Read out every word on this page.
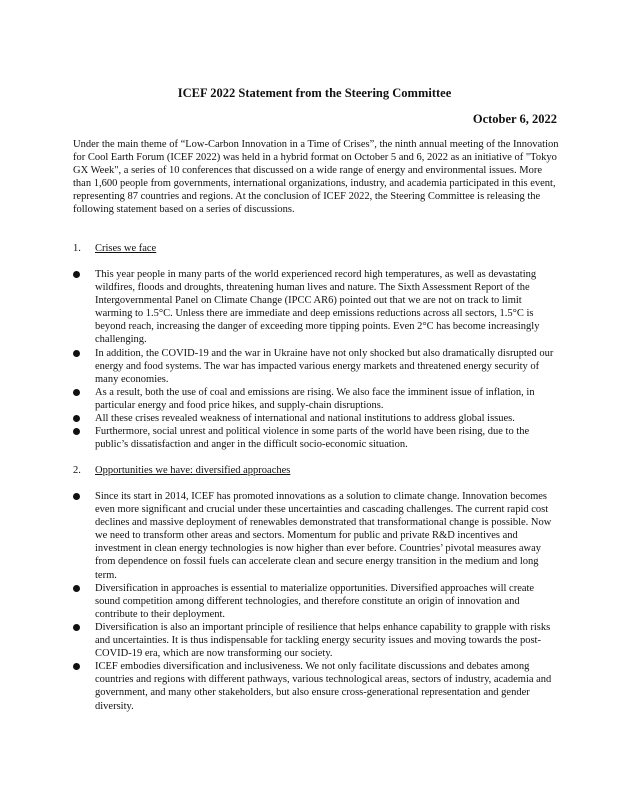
ICEF 2022 Statement from the Steering Committee
October 6, 2022

Under the main theme of “Low-Carbon Innovation in a Time of Crises”, the ninth annual meeting of the Innovation for Cool Earth Forum (ICEF 2022) was held in a hybrid format on October 5 and 6, 2022 as an initiative of "Tokyo GX Week", a series of 10 conferences that discussed on a wide range of energy and environmental issues. More than 1,600 people from governments, international organizations, industry, and academia participated in this event, representing 87 countries and regions. At the conclusion of ICEF 2022, the Steering Committee is releasing the following statement based on a series of discussions.

1. Crises we face
This year people in many parts of the world experienced record high temperatures, as well as devastating wildfires, floods and droughts, threatening human lives and nature. The Sixth Assessment Report of the Intergovernmental Panel on Climate Change (IPCC AR6) pointed out that we are not on track to limit warming to 1.5°C. Unless there are immediate and deep emissions reductions across all sectors, 1.5°C is beyond reach, increasing the danger of exceeding more tipping points. Even 2°C has become increasingly challenging.
In addition, the COVID-19 and the war in Ukraine have not only shocked but also dramatically disrupted our energy and food systems. The war has impacted various energy markets and threatened energy security of many economies.
As a result, both the use of coal and emissions are rising. We also face the imminent issue of inflation, in particular energy and food price hikes, and supply-chain disruptions.
All these crises revealed weakness of international and national institutions to address global issues.
Furthermore, social unrest and political violence in some parts of the world have been rising, due to the public’s dissatisfaction and anger in the difficult socio-economic situation.
2. Opportunities we have: diversified approaches
Since its start in 2014, ICEF has promoted innovations as a solution to climate change. Innovation becomes even more significant and crucial under these uncertainties and cascading challenges. The current rapid cost declines and massive deployment of renewables demonstrated that transformational change is possible. Now we need to transform other areas and sectors. Momentum for public and private R&D incentives and investment in clean energy technologies is now higher than ever before. Countries’ pivotal measures away from dependence on fossil fuels can accelerate clean and secure energy transition in the medium and long term.
Diversification in approaches is essential to materialize opportunities. Diversified approaches will create sound competition among different technologies, and therefore constitute an origin of innovation and contribute to their deployment.
Diversification is also an important principle of resilience that helps enhance capability to grapple with risks and uncertainties. It is thus indispensable for tackling energy security issues and moving towards the post-COVID-19 era, which are now transforming our society.
ICEF embodies diversification and inclusiveness. We not only facilitate discussions and debates among countries and regions with different pathways, various technological areas, sectors of industry, academia and government, and many other stakeholders, but also ensure cross-generational representation and gender diversity.
